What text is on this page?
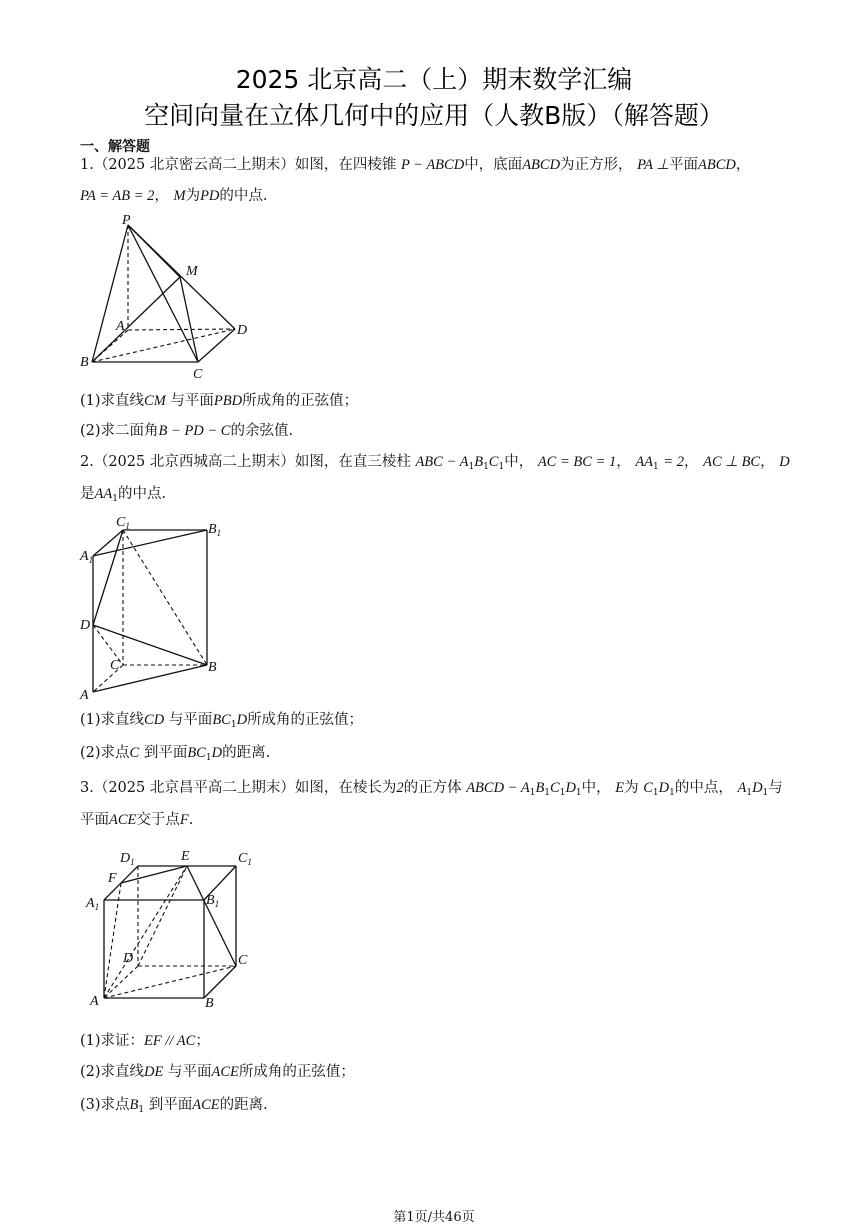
2025 北京高二（上）期末数学汇编
空间向量在立体几何中的应用（人教B版）（解答题）
一、解答题
1.（2025 北京密云高二上期末）如图，在四棱锥 P − ABCD中，底面ABCD为正方形， PA ⊥平面ABCD，
PA = AB = 2， M为PD的中点.
P
M
A	D
B
C
(1)求直线CM 与平面PBD所成角的正弦值；
(2)求二面角B − PD − C的余弦值.
2.（2025 北京西城高二上期末）如图，在直三棱柱 ABC − $A_1B_1C_1$中， AC = BC = 1， $AA_1 = 2$， AC ⊥ BC， D
是$AA_1$的中点.
$C_1$	$B_1$
$A_1$
D
C	B
A
(1)求直线CD 与平面$BC_1D$所成角的正弦值；
(2)求点C 到平面$BC_1D$的距离.
3.（2025 北京昌平高二上期末）如图，在棱长为2的正方体 ABCD − $A_1B_1C_1D_1$中， E为 $C_1D_1$的中点， $A_1D_1$与
平面ACE交于点F.
$D_1$	E	$C_1$
F
$A_1$	$B_1$
D	C
A	B
(1)求证：EF // AC；
(2)求直线DE 与平面ACE所成角的正弦值；
(3)求点$B_1$ 到平面ACE的距离.
第1页/共46页
